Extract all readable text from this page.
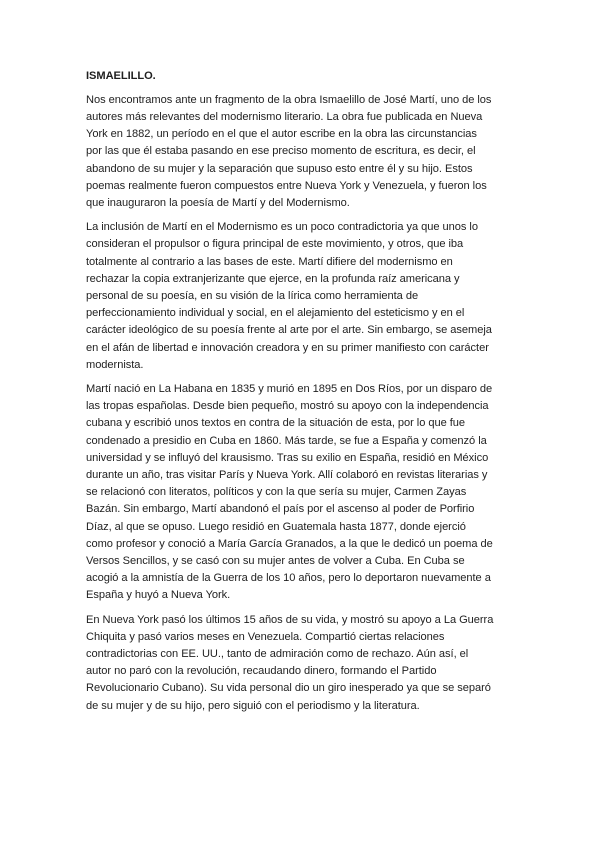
ISMAELILLO.
Nos encontramos ante un fragmento de la obra Ismaelillo de José Martí, uno de los
autores más relevantes del modernismo literario. La obra fue publicada en Nueva
York en 1882, un período en el que el autor escribe en la obra las circunstancias
por las que él estaba pasando en ese preciso momento de escritura, es decir, el
abandono de su mujer y la separación que supuso esto entre él y su hijo. Estos
poemas realmente fueron compuestos entre Nueva York y Venezuela, y fueron los
que inauguraron la poesía de Martí y del Modernismo.
La inclusión de Martí en el Modernismo es un poco contradictoria ya que unos lo
consideran el propulsor o figura principal de este movimiento, y otros, que iba
totalmente al contrario a las bases de este. Martí difiere del modernismo en
rechazar la copia extranjerizante que ejerce, en la profunda raíz americana y
personal de su poesía, en su visión de la lírica como herramienta de
perfeccionamiento individual y social, en el alejamiento del esteticismo y en el
carácter ideológico de su poesía frente al arte por el arte. Sin embargo, se asemeja
en el afán de libertad e innovación creadora y en su primer manifiesto con carácter
modernista.
Martí nació en La Habana en 1835 y murió en 1895 en Dos Ríos, por un disparo de
las tropas españolas. Desde bien pequeño, mostró su apoyo con la independencia
cubana y escribió unos textos en contra de la situación de esta, por lo que fue
condenado a presidio en Cuba en 1860. Más tarde, se fue a España y comenzó la
universidad y se influyó del krausismo. Tras su exilio en España, residió en México
durante un año, tras visitar París y Nueva York. Allí colaboró en revistas literarias y
se relacionó con literatos, políticos y con la que sería su mujer, Carmen Zayas
Bazán. Sin embargo, Martí abandonó el país por el ascenso al poder de Porfirio
Díaz, al que se opuso. Luego residió en Guatemala hasta 1877, donde ejerció
como profesor y conoció a María García Granados, a la que le dedicó un poema de
Versos Sencillos, y se casó con su mujer antes de volver a Cuba. En Cuba se
acogió a la amnistía de la Guerra de los 10 años, pero lo deportaron nuevamente a
España y huyó a Nueva York.
En Nueva York pasó los últimos 15 años de su vida, y mostró su apoyo a La Guerra
Chiquita y pasó varios meses en Venezuela. Compartió ciertas relaciones
contradictorias con EE. UU., tanto de admiración como de rechazo. Aún así, el
autor no paró con la revolución, recaudando dinero, formando el Partido
Revolucionario Cubano). Su vida personal dio un giro inesperado ya que se separó
de su mujer y de su hijo, pero siguió con el periodismo y la literatura.
